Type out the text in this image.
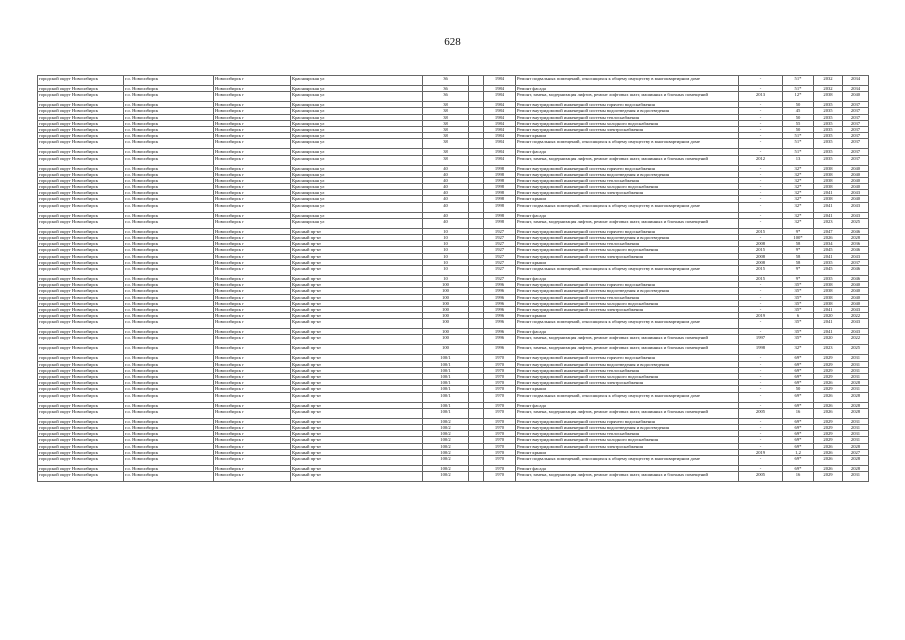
628
городской округ Новосибирск	г.о. Новосибирск	Новосибирск г	Красноярская ул	36		1984	Ремонт подвальных помещений, относящихся к общему имуществу в многоквартирном доме	-	51*	2032	2034
городской округ Новосибирск	г.о. Новосибирск	Новосибирск г	Красноярская ул	36		1984	Ремонт фасада	-	51*	2032	2034
городской округ Новосибирск	г.о. Новосибирск	Новосибирск г	Красноярская ул	36		1984	Ремонт, замена, модернизация лифтов, ремонт лифтовых шахт, машинных и блочных помещений	2013	12*	2038	2040
городской округ Новосибирск	г.о. Новосибирск	Новосибирск г	Красноярская ул	38		1984	Ремонт внутридомовой инженерной системы горячего водоснабжения	-	50	2035	2037
городской округ Новосибирск	г.о. Новосибирск	Новосибирск г	Красноярская ул	38		1984	Ремонт внутридомовой инженерной системы водоотведения и водоотведения	-	45	2035	2037
городской округ Новосибирск	г.о. Новосибирск	Новосибирск г	Красноярская ул	38		1984	Ремонт внутридомовой инженерной системы теплоснабжения	-	50	2035	2037
городской округ Новосибирск	г.о. Новосибирск	Новосибирск г	Красноярская ул	38		1984	Ремонт внутридомовой инженерной системы холодного водоснабжения	-	55	2035	2037
городской округ Новосибирск	г.о. Новосибирск	Новосибирск г	Красноярская ул	38		1984	Ремонт внутридомовой инженерной системы электроснабжения	-	50	2035	2037
городской округ Новосибирск	г.о. Новосибирск	Новосибирск г	Красноярская ул	38		1984	Ремонт крыши	-	51*	2035	2037
городской округ Новосибирск	г.о. Новосибирск	Новосибирск г	Красноярская ул	38		1984	Ремонт подвальных помещений, относящихся к общему имуществу в многоквартирном доме	-	51*	2035	2037
городской округ Новосибирск	г.о. Новосибирск	Новосибирск г	Красноярская ул	38		1984	Ремонт фасада	-	51*	2035	2037
городской округ Новосибирск	г.о. Новосибирск	Новосибирск г	Красноярская ул	38		1984	Ремонт, замена, модернизация лифтов, ремонт лифтовых шахт, машинных и блочных помещений	2012	13	2035	2037
городской округ Новосибирск	г.о. Новосибирск	Новосибирск г	Красноярская ул	40		1998	Ремонт внутридомовой инженерной системы горячего водоснабжения	-	32*	2038	2040
городской округ Новосибирск	г.о. Новосибирск	Новосибирск г	Красноярская ул	40		1998	Ремонт внутридомовой инженерной системы водоотведения и водоотведения	-	32*	2038	2040
городской округ Новосибирск	г.о. Новосибирск	Новосибирск г	Красноярская ул	40		1998	Ремонт внутридомовой инженерной системы теплоснабжения	-	32*	2038	2040
городской округ Новосибирск	г.о. Новосибирск	Новосибирск г	Красноярская ул	40		1998	Ремонт внутридомовой инженерной системы холодного водоснабжения	-	32*	2038	2040
городской округ Новосибирск	г.о. Новосибирск	Новосибирск г	Красноярская ул	40		1998	Ремонт внутридомовой инженерной системы электроснабжения	-	32*	2041	2043
городской округ Новосибирск	г.о. Новосибирск	Новосибирск г	Красноярская ул	40		1998	Ремонт крыши	-	32*	2038	2040
городской округ Новосибирск	г.о. Новосибирск	Новосибирск г	Красноярская ул	40		1998	Ремонт подвальных помещений, относящихся к общему имуществу в многоквартирном доме	-	32*	2041	2043
городской округ Новосибирск	г.о. Новосибирск	Новосибирск г	Красноярская ул	40		1998	Ремонт фасада	-	32*	2041	2043
городской округ Новосибирск	г.о. Новосибирск	Новосибирск г	Красноярская ул	40		1998	Ремонт, замена, модернизация лифтов, ремонт лифтовых шахт, машинных и блочных помещений	-	32*	2023	2025
городской округ Новосибирск	г.о. Новосибирск	Новосибирск г	Красный пр-кт	10		1927	Ремонт внутридомовой инженерной системы горячего водоснабжения	2015	9*	2047	2046
городской округ Новосибирск	г.о. Новосибирск	Новосибирск г	Красный пр-кт	10		1927	Ремонт внутридомовой инженерной системы водоотведения и водоотведения	-	100*	2026	2028
городской округ Новосибирск	г.о. Новосибирск	Новосибирск г	Красный пр-кт	10		1927	Ремонт внутридомовой инженерной системы теплоснабжения	2008	58	2034	2036
городской округ Новосибирск	г.о. Новосибирск	Новосибирск г	Красный пр-кт	10		1927	Ремонт внутридомовой инженерной системы холодного водоснабжения	2015	9*	2045	2046
городской округ Новосибирск	г.о. Новосибирск	Новосибирск г	Красный пр-кт	10		1927	Ремонт внутридомовой инженерной системы электроснабжения	2008	58	2041	2043
городской округ Новосибирск	г.о. Новосибирск	Новосибирск г	Красный пр-кт	10		1927	Ремонт крыши	2008	58	2035	2037
городской округ Новосибирск	г.о. Новосибирск	Новосибирск г	Красный пр-кт	10		1927	Ремонт подвальных помещений, относящихся к общему имуществу в многоквартирном доме	2015	9*	2045	2046
городской округ Новосибирск	г.о. Новосибирск	Новосибирск г	Красный пр-кт	10		1927	Ремонт фасада	2015	9*	2035	2046
городской округ Новосибирск	г.о. Новосибирск	Новосибирск г	Красный пр-кт	100		1996	Ремонт внутридомовой инженерной системы горячего водоснабжения	-	35*	2038	2040
городской округ Новосибирск	г.о. Новосибирск	Новосибирск г	Красный пр-кт	100		1996	Ремонт внутридомовой инженерной системы водоотведения и водоотведения	-	35*	2038	2040
городской округ Новосибирск	г.о. Новосибирск	Новосибирск г	Красный пр-кт	100		1996	Ремонт внутридомовой инженерной системы теплоснабжения	-	35*	2038	2040
городской округ Новосибирск	г.о. Новосибирск	Новосибирск г	Красный пр-кт	100		1996	Ремонт внутридомовой инженерной системы холодного водоснабжения	-	35*	2038	2040
городской округ Новосибирск	г.о. Новосибирск	Новосибирск г	Красный пр-кт	100		1996	Ремонт внутридомовой инженерной системы электроснабжения	-	35*	2041	2043
городской округ Новосибирск	г.о. Новосибирск	Новосибирск г	Красный пр-кт	100		1996	Ремонт крыши	2019	6	2020	2022
городской округ Новосибирск	г.о. Новосибирск	Новосибирск г	Красный пр-кт	100		1996	Ремонт подвальных помещений, относящихся к общему имуществу в многоквартирном доме	-	35*	2041	2043
городской округ Новосибирск	г.о. Новосибирск	Новосибирск г	Красный пр-кт	100		1996	Ремонт фасада	-	35*	2041	2043
городской округ Новосибирск	г.о. Новосибирск	Новосибирск г	Красный пр-кт	100		1996	Ремонт, замена, модернизация лифтов, ремонт лифтовых шахт, машинных и блочных помещений	1997	35*	2020	2022
городской округ Новосибирск	г.о. Новосибирск	Новосибирск г	Красный пр-кт	100		1996	Ремонт, замена, модернизация лифтов, ремонт лифтовых шахт, машинных и блочных помещений	1998	32*	2023	2025
городской округ Новосибирск	г.о. Новосибирск	Новосибирск г	Красный пр-кт	100/1		1970	Ремонт внутридомовой инженерной системы горячего водоснабжения	-	69*	2029	2031
городской округ Новосибирск	г.о. Новосибирск	Новосибирск г	Красный пр-кт	100/1		1970	Ремонт внутридомовой инженерной системы водоотведения и водоотведения	-	69*	2029	2031
городской округ Новосибирск	г.о. Новосибирск	Новосибирск г	Красный пр-кт	100/1		1970	Ремонт внутридомовой инженерной системы теплоснабжения	-	69*	2029	2031
городской округ Новосибирск	г.о. Новосибирск	Новосибирск г	Красный пр-кт	100/1		1970	Ремонт внутридомовой инженерной системы холодного водоснабжения	-	69*	2029	2031
городской округ Новосибирск	г.о. Новосибирск	Новосибирск г	Красный пр-кт	100/1		1970	Ремонт внутридомовой инженерной системы электроснабжения	-	69*	2026	2028
городской округ Новосибирск	г.о. Новосибирск	Новосибирск г	Красный пр-кт	100/1		1970	Ремонт крыши	-	50	2029	2031
городской округ Новосибирск	г.о. Новосибирск	Новосибирск г	Красный пр-кт	100/1		1970	Ремонт подвальных помещений, относящихся к общему имуществу в многоквартирном доме	-	69*	2026	2028
городской округ Новосибирск	г.о. Новосибирск	Новосибирск г	Красный пр-кт	100/1		1970	Ремонт фасада	-	69*	2026	2028
городской округ Новосибирск	г.о. Новосибирск	Новосибирск г	Красный пр-кт	100/1		1970	Ремонт, замена, модернизация лифтов, ремонт лифтовых шахт, машинных и блочных помещений	2005	16	2026	2028
городской округ Новосибирск	г.о. Новосибирск	Новосибирск г	Красный пр-кт	100/2		1970	Ремонт внутридомовой инженерной системы горячего водоснабжения	-	69*	2029	2031
городской округ Новосибирск	г.о. Новосибирск	Новосибирск г	Красный пр-кт	100/2		1970	Ремонт внутридомовой инженерной системы водоотведения и водоотведения	-	69*	2029	2031
городской округ Новосибирск	г.о. Новосибирск	Новосибирск г	Красный пр-кт	100/2		1970	Ремонт внутридомовой инженерной системы теплоснабжения	-	69*	2029	2031
городской округ Новосибирск	г.о. Новосибирск	Новосибирск г	Красный пр-кт	100/2		1970	Ремонт внутридомовой инженерной системы холодного водоснабжения	-	69*	2029	2031
городской округ Новосибирск	г.о. Новосибирск	Новосибирск г	Красный пр-кт	100/2		1970	Ремонт внутридомовой инженерной системы электроснабжения	-	69*	2026	2028
городской округ Новосибирск	г.о. Новосибирск	Новосибирск г	Красный пр-кт	100/2		1970	Ремонт крыши	2019	1,2	2026	2027
городской округ Новосибирск	г.о. Новосибирск	Новосибирск г	Красный пр-кт	100/2		1970	Ремонт подвальных помещений, относящихся к общему имуществу в многоквартирном доме	-	69*	2026	2028
городской округ Новосибирск	г.о. Новосибирск	Новосибирск г	Красный пр-кт	100/2		1970	Ремонт фасада	-	69*	2026	2028
городской округ Новосибирск	г.о. Новосибирск	Новосибирск г	Красный пр-кт	100/2		1970	Ремонт, замена, модернизация лифтов, ремонт лифтовых шахт, машинных и блочных помещений	2005	16	2029	2031
